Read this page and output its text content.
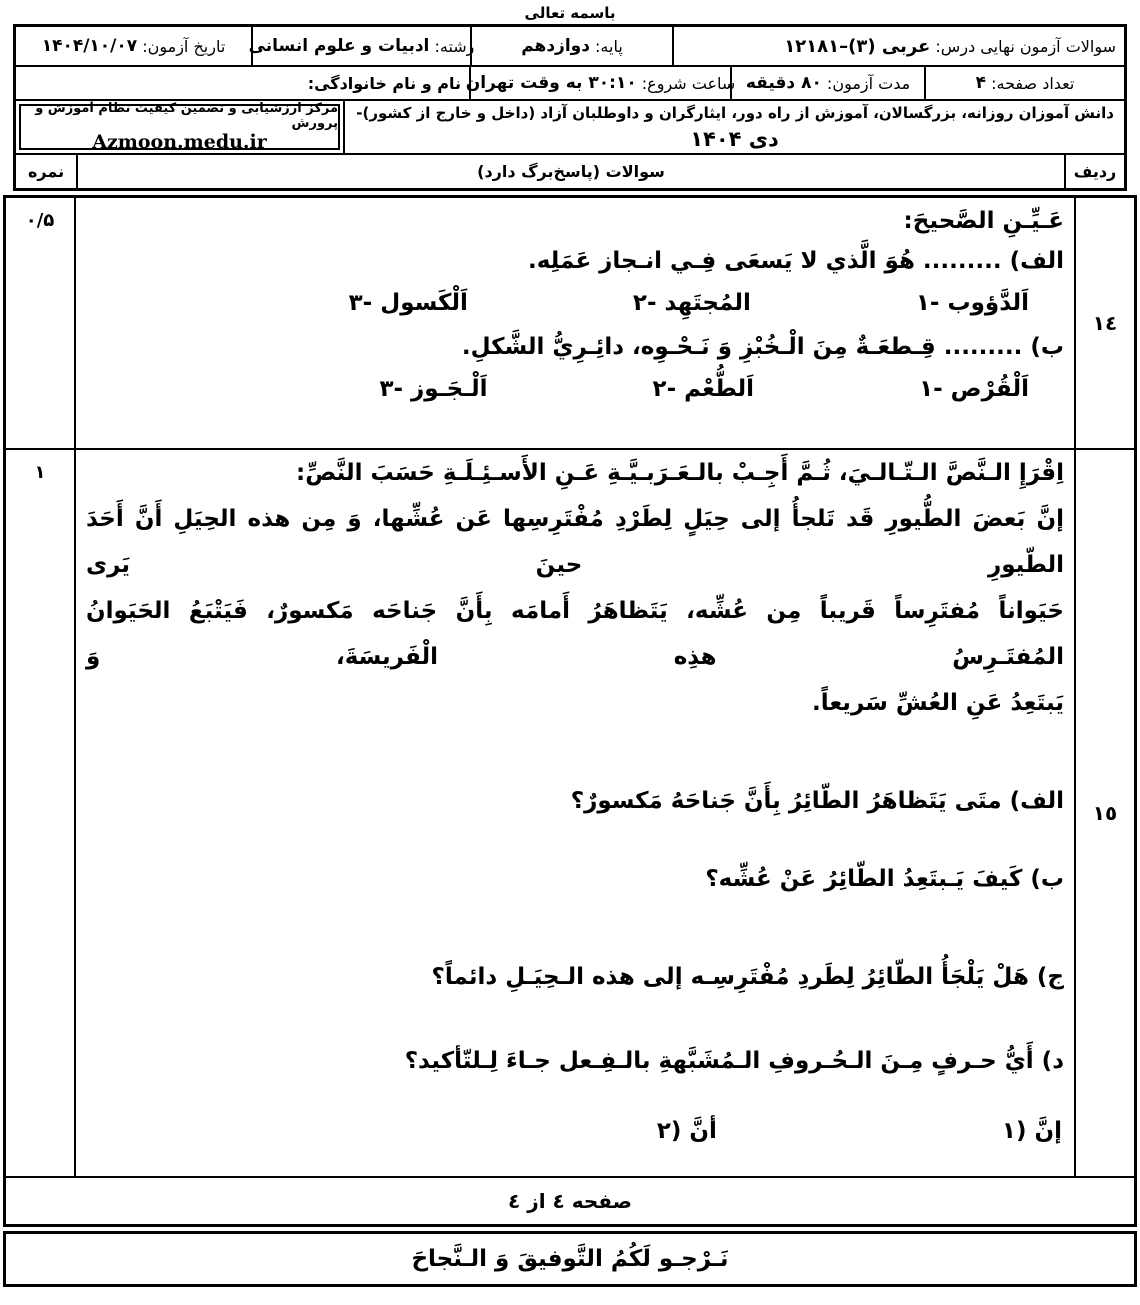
باسمه تعالی
سوالات آزمون نهایی درس:
عربی (۳)–۱۲۱۸۱
پایه:
دوازدهم
رشته:
ادبیات و علوم انسانی
تاریخ آزمون:
۱۴۰۴/۱۰/۰۷
تعداد صفحه:
۴
مدت آزمون:
۸۰ دقیقه
ساعت شروع:
۱۰‏:‏۳۰ به وقت تهران
نام و نام خانوادگی:
دانش آموزان روزانه، بزرگسالان، آموزش از راه دور، ایثارگران و داوطلبان آزاد (داخل و خارج از کشور)-
دی ۱۴۰۴
مرکز ارزشیابی و تضمین کیفیت نظام آموزش و پرورش
Azmoon.medu.ir
ردیف
سوالات (پاسخ‌برگ دارد)
نمره
۱٤
عَـیِّـنِ الصَّحیحَ:
الف) ......... هُوَ الَّذي لا یَسعَی فِـي انـجاز عَمَلِه.
۱- اَلدَّؤوب
۲- المُجتَهِد
۳- اَلْکَسول
ب) ......... قِـطعَـةٌ مِنَ الْـخُبْزِ وَ نَـحْـوِه، دائِـرِيُّ الشَّکلِ.
۱- اَلْقُرْص
۲- اَلطُّعْم
۳- اَلْـجَـوز
۰/۵
۱٥
اِقْرَإِ الـنَّصَّ الـتّـالـيَ، ثُـمَّ أَجِـبْ بالـعَـرَبـیَّـةِ عَـنِ الأَسـئِـلَـةِ حَسَبَ النَّصِّ:
إنَّ بَعضَ الطُّیورِ قَد تَلجأُ إلی حِیَلٍ لِطَرْدِ مُفْتَرِسِها عَن عُشِّها، وَ مِن هذه الحِیَلِ أَنَّ أَحَدَ الطّیورِ حینَ یَری
حَیَواناً مُفتَرِساً قَریباً مِن عُشِّه، یَتَظاهَرُ أَمامَه بِأَنَّ جَناحَه مَکسورٌ، فَیَتْبَعُ الحَیَوانُ المُفتَـرِسُ هذِه الْفَریسَةَ، وَ
یَبتَعِدُ عَنِ العُشِّ سَریعاً.
الف) متَی یَتَظاهَرُ الطّائِرُ بِأَنَّ جَناحَهُ مَکسورٌ؟
ب) کَیفَ یَـبتَعِدُ الطّائِرُ عَنْ عُشِّه؟
ج) هَلْ یَلْجَأُ الطّائِرُ لِطَردِ مُفْتَرِسِـه إلی هذه الـحِیَـلِ دائماً؟
د) أَيُّ حـرفٍ مِـنَ الـحُـروفِ الـمُشَبَّهةِ بالـفِـعل جـاءَ لِـلتّأکید؟
۱) إنَّ
۲) أنَّ
۱
صفحه ٤ از ٤
نَـرْجـو لَکُمُ التَّوفیقَ وَ الـنَّجاحَ
